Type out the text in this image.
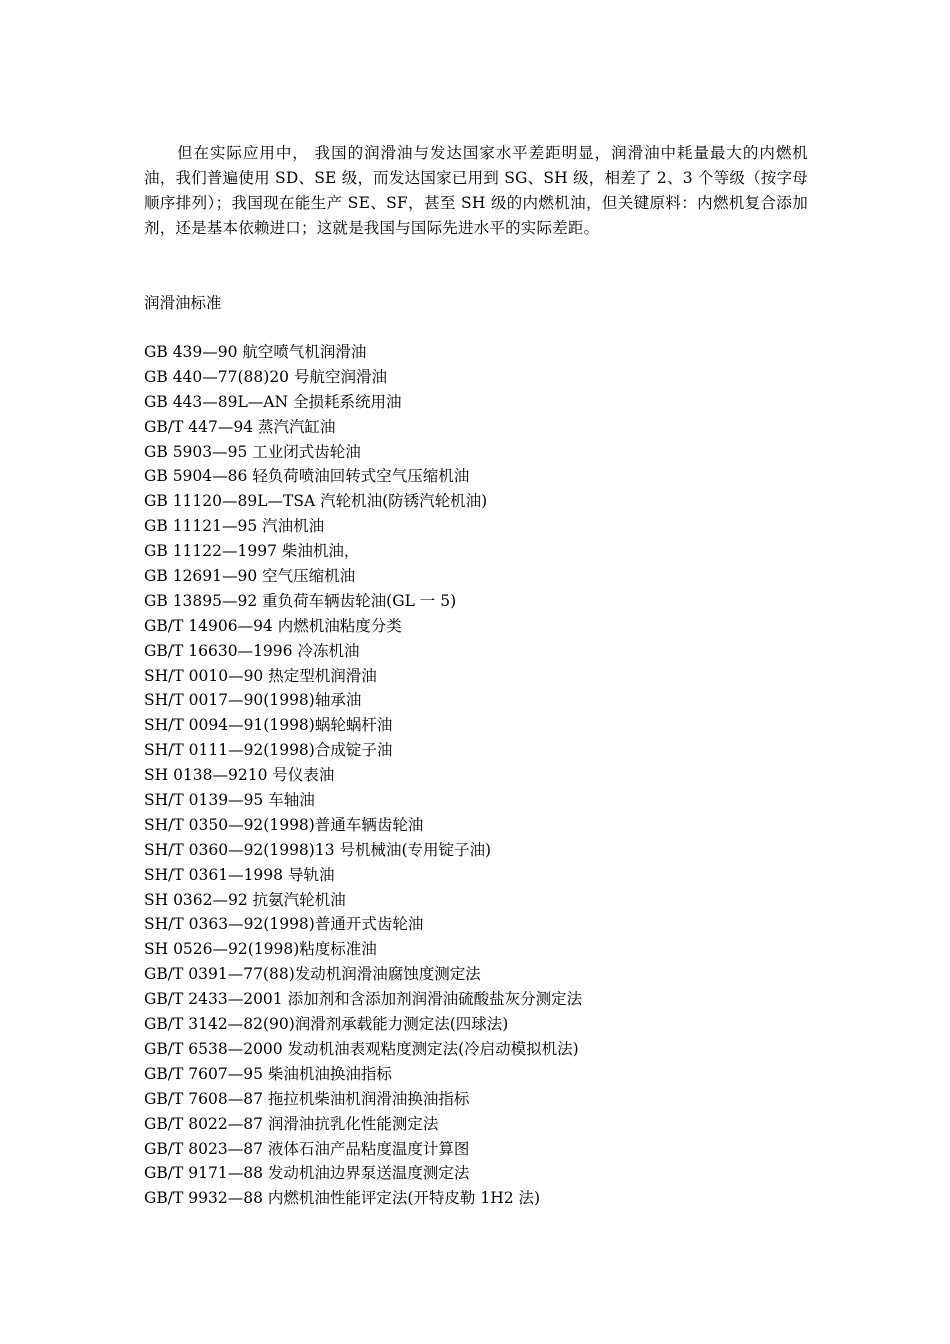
但在实际应用中， 我国的润滑油与发达国家水平差距明显，润滑油中耗量最大的内燃机油，我们普遍使用 SD、SE 级，而发达国家已用到 SG、SH 级，相差了 2、3 个等级（按字母顺序排列）；我国现在能生产 SE、SF，甚至 SH 级的内燃机油，但关键原料：内燃机复合添加剂，还是基本依赖进口；这就是我国与国际先进水平的实际差距。

润滑油标准
GB 439—90 航空喷气机润滑油
GB 440—77(88)20 号航空润滑油
GB 443—89L—AN 全损耗系统用油
GB/T 447—94 蒸汽汽缸油
GB 5903—95 工业闭式齿轮油
GB 5904—86 轻负荷喷油回转式空气压缩机油
GB 11120—89L—TSA 汽轮机油(防锈汽轮机油)
GB 11121—95 汽油机油
GB 11122—1997 柴油机油，
GB 12691—90 空气压缩机油
GB 13895—92 重负荷车辆齿轮油(GL 一 5)
GB/T 14906—94 内燃机油粘度分类
GB/T 16630—1996 冷冻机油
SH/T 0010—90 热定型机润滑油
SH/T 0017—90(1998)轴承油
SH/T 0094—91(1998)蜗轮蜗杆油
SH/T 0111—92(1998)合成锭子油
SH 0138—9210 号仪表油
SH/T 0139—95 车轴油
SH/T 0350—92(1998)普通车辆齿轮油
SH/T 0360—92(1998)13 号机械油(专用锭子油)
SH/T 0361—1998 导轨油
SH 0362—92 抗氨汽轮机油
SH/T 0363—92(1998)普通开式齿轮油
SH 0526—92(1998)粘度标准油
GB/T 0391—77(88)发动机润滑油腐蚀度测定法
GB/T 2433—2001 添加剂和含添加剂润滑油硫酸盐灰分测定法
GB/T 3142—82(90)润滑剂承载能力测定法(四球法)
GB/T 6538—2000 发动机油表观粘度测定法(冷启动模拟机法)
GB/T 7607—95 柴油机油换油指标
GB/T 7608—87 拖拉机柴油机润滑油换油指标
GB/T 8022—87 润滑油抗乳化性能测定法
GB/T 8023—87 液体石油产品粘度温度计算图
GB/T 9171—88 发动机油边界泵送温度测定法
GB/T 9932—88 内燃机油性能评定法(开特皮勒 1H2 法)
